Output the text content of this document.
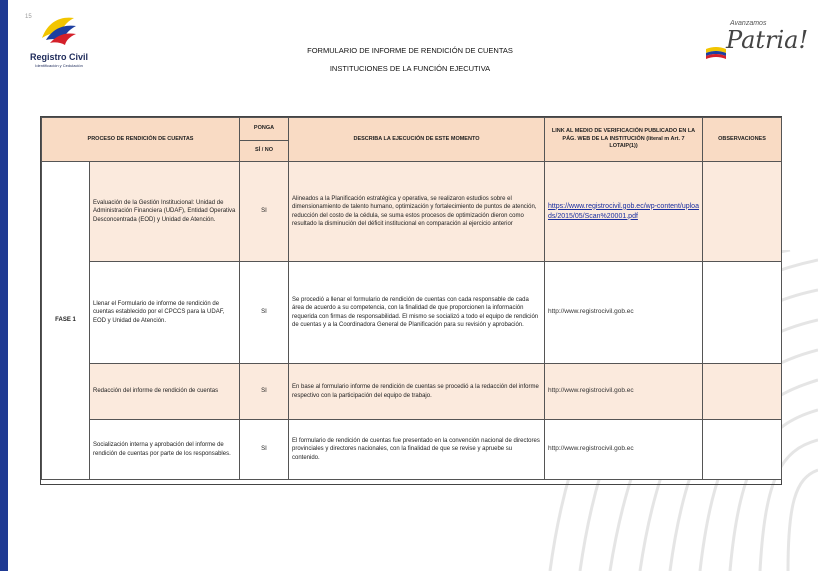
15
Registro Civil
Identificación y Cedulación
FORMULARIO DE INFORME DE RENDICIÓN DE CUENTAS
INSTITUCIONES DE LA FUNCIÓN EJECUTIVA
Avanzamos
Patria!
PROCESO DE RENDICIÓN DE CUENTAS		PONGA
SÍ / NO	DESCRIBA LA EJECUCIÓN DE ESTE MOMENTO	LINK AL MEDIO DE VERIFICACIÓN PUBLICADO EN LA PÁG. WEB DE LA INSTITUCIÓN (literal m Art. 7 LOTAIP(1))	OBSERVACIONES
FASE 1	Evaluación de la Gestión Institucional: Unidad de Administración Financiera (UDAF), Entidad Operativa Desconcentrada (EOD) y Unidad de Atención.	SI	Alineados a la Planificación estratégica y operativa, se realizaron estudios sobre el dimensionamiento de talento humano, optimización y fortalecimiento de puntos de atención, reducción del costo de la cédula, se suma estos procesos de optimización dieron como resultado la disminución del déficit institucional en comparación al ejercicio anterior	https://www.registrocivil.gob.ec/wp-content/uploads/2015/05/Scan%20001.pdf	
	Llenar el Formulario de informe de rendición de cuentas establecido por el CPCCS para la UDAF, EOD y Unidad de Atención.	SI	Se procedió a llenar el formulario de rendición de cuentas con cada responsable de cada área de acuerdo a su competencia, con la finalidad de que proporcionen la información requerida con firmas de responsabilidad. El mismo se socializó a todo el equipo de rendición de cuentas y a la Coordinadora General de Planificación para su revisión y aprobación.	http://www.registrocivil.gob.ec	
	Redacción del informe de rendición de cuentas	SI	En base al formulario informe de rendición de cuentas se procedió a la redacción del informe respectivo con la participación del equipo de trabajo.	http://www.registrocivil.gob.ec	
	Socialización interna y aprobación del informe de rendición de cuentas por parte de los responsables.	SI	El formulario de rendición de cuentas fue presentado en la convención nacional de directores provinciales y directores nacionales, con la finalidad de que se revise y apruebe su contenido.	http://www.registrocivil.gob.ec	
